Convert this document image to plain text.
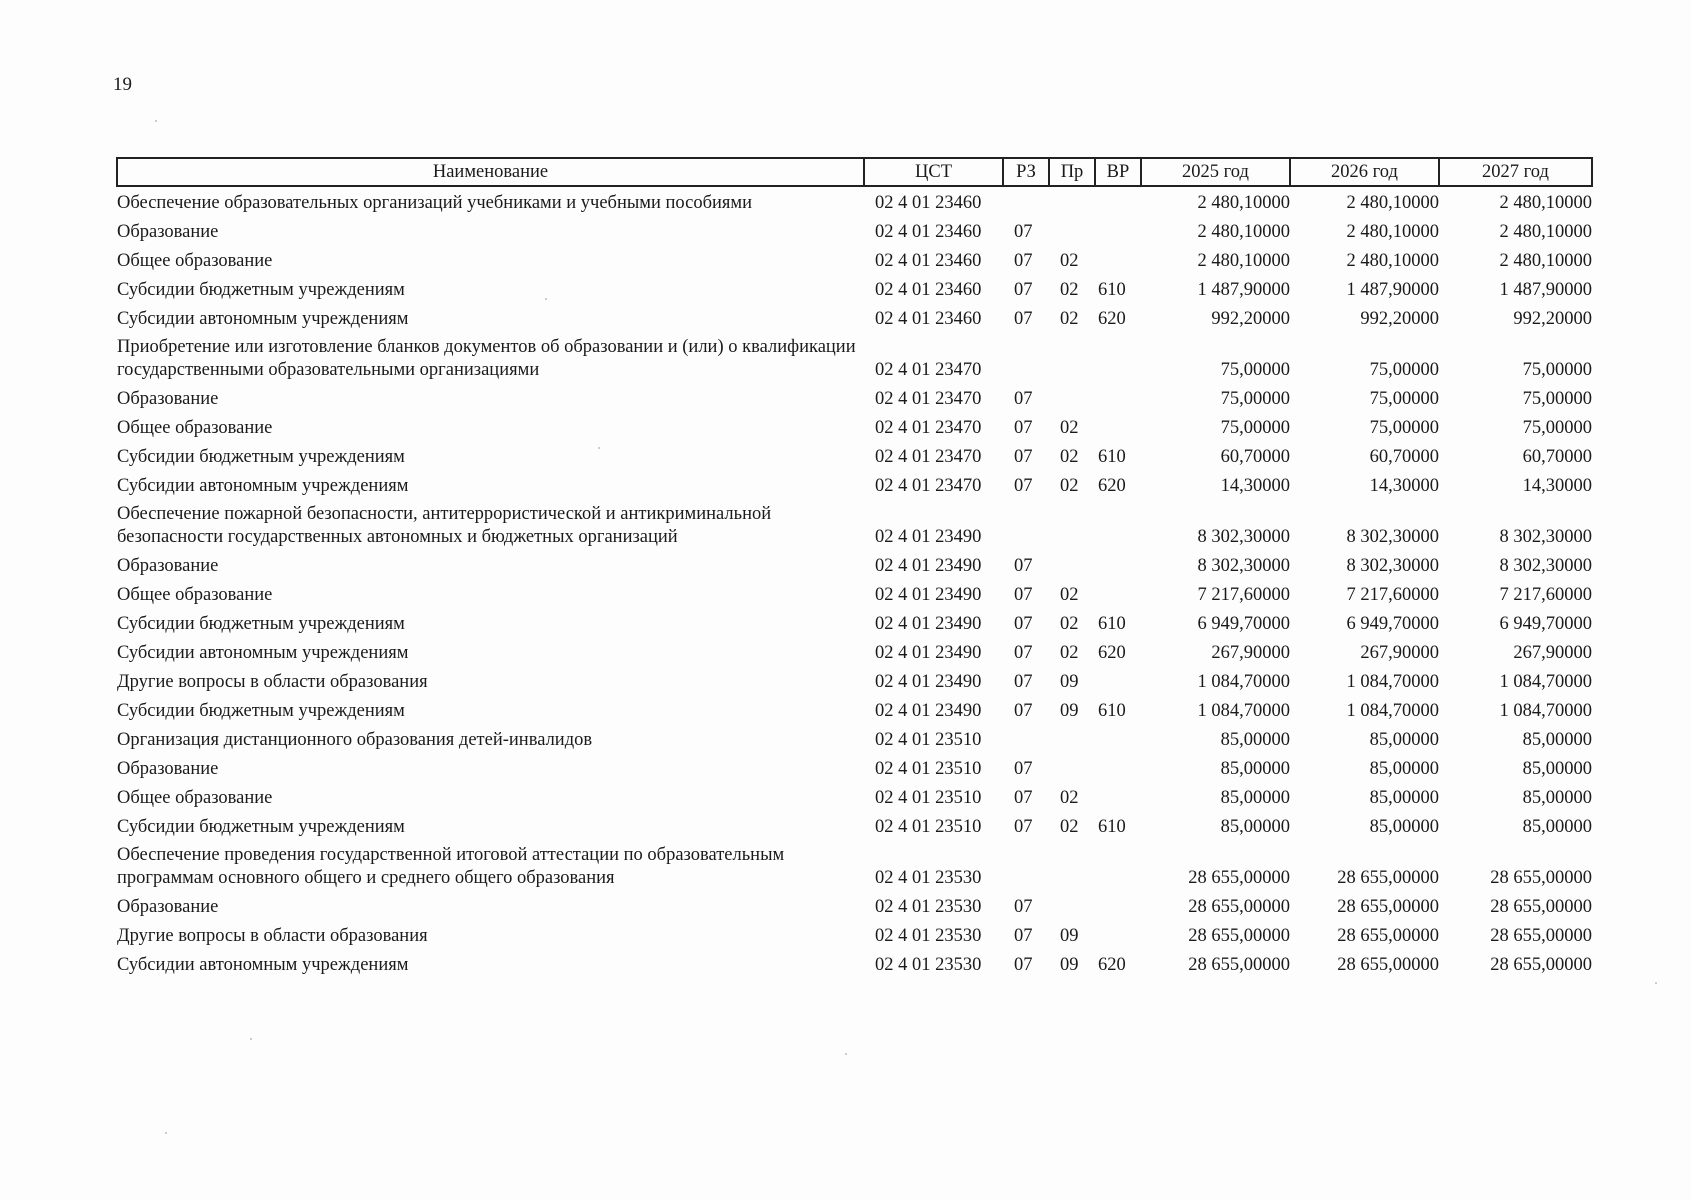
19
Наименование	ЦСТ	РЗ	Пр	ВР	2025 год	2026 год	2027 год
Обеспечение образовательных организаций учебниками и учебными пособиями	02 4 01 23460				2 480,10000	2 480,10000	2 480,10000
Образование	02 4 01 23460	07			2 480,10000	2 480,10000	2 480,10000
Общее образование	02 4 01 23460	07	02		2 480,10000	2 480,10000	2 480,10000
Субсидии бюджетным учреждениям	02 4 01 23460	07	02	610	1 487,90000	1 487,90000	1 487,90000
Субсидии автономным учреждениям	02 4 01 23460	07	02	620	992,20000	992,20000	992,20000
Приобретение или изготовление бланков документов об образовании и (или) о квалификации государственными образовательными организациями	02 4 01 23470				75,00000	75,00000	75,00000
Образование	02 4 01 23470	07			75,00000	75,00000	75,00000
Общее образование	02 4 01 23470	07	02		75,00000	75,00000	75,00000
Субсидии бюджетным учреждениям	02 4 01 23470	07	02	610	60,70000	60,70000	60,70000
Субсидии автономным учреждениям	02 4 01 23470	07	02	620	14,30000	14,30000	14,30000
Обеспечение пожарной безопасности, антитеррористической и антикриминальной безопасности государственных автономных и бюджетных организаций	02 4 01 23490				8 302,30000	8 302,30000	8 302,30000
Образование	02 4 01 23490	07			8 302,30000	8 302,30000	8 302,30000
Общее образование	02 4 01 23490	07	02		7 217,60000	7 217,60000	7 217,60000
Субсидии бюджетным учреждениям	02 4 01 23490	07	02	610	6 949,70000	6 949,70000	6 949,70000
Субсидии автономным учреждениям	02 4 01 23490	07	02	620	267,90000	267,90000	267,90000
Другие вопросы в области образования	02 4 01 23490	07	09		1 084,70000	1 084,70000	1 084,70000
Субсидии бюджетным учреждениям	02 4 01 23490	07	09	610	1 084,70000	1 084,70000	1 084,70000
Организация дистанционного образования детей-инвалидов	02 4 01 23510				85,00000	85,00000	85,00000
Образование	02 4 01 23510	07			85,00000	85,00000	85,00000
Общее образование	02 4 01 23510	07	02		85,00000	85,00000	85,00000
Субсидии бюджетным учреждениям	02 4 01 23510	07	02	610	85,00000	85,00000	85,00000
Обеспечение проведения государственной итоговой аттестации по образовательным программам основного общего и среднего общего образования	02 4 01 23530				28 655,00000	28 655,00000	28 655,00000
Образование	02 4 01 23530	07			28 655,00000	28 655,00000	28 655,00000
Другие вопросы в области образования	02 4 01 23530	07	09		28 655,00000	28 655,00000	28 655,00000
Субсидии автономным учреждениям	02 4 01 23530	07	09	620	28 655,00000	28 655,00000	28 655,00000
